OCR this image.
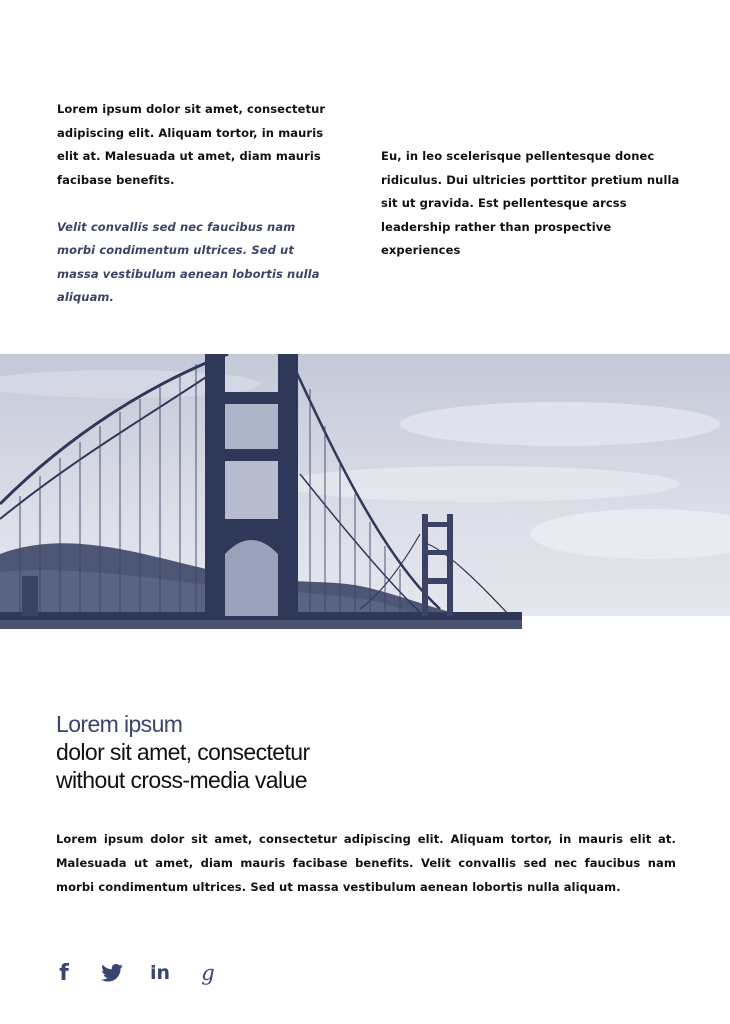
Lorem ipsum dolor sit amet, consectetur adipiscing elit. Aliquam tortor, in mauris elit at. Malesuada ut amet, diam mauris facibase benefits.
Velit convallis sed nec faucibus nam morbi condimentum ultrices. Sed ut massa vestibulum aenean lobortis nulla aliquam.
Eu, in leo scelerisque pellentesque donec ridiculus. Dui ultricies porttitor pretium nulla sit ut gravida. Est pellentesque arcss leadership rather than prospective experiences
Lorem ipsum
dolor sit amet, consectetur
without cross-media value
Lorem ipsum dolor sit amet, consectetur adipiscing elit. Aliquam tortor, in mauris elit at. Malesuada ut amet, diam mauris facibase benefits. Velit convallis sed nec faucibus nam morbi condimentum ultrices. Sed ut massa vestibulum aenean lobortis nulla aliquam.
f	in g
